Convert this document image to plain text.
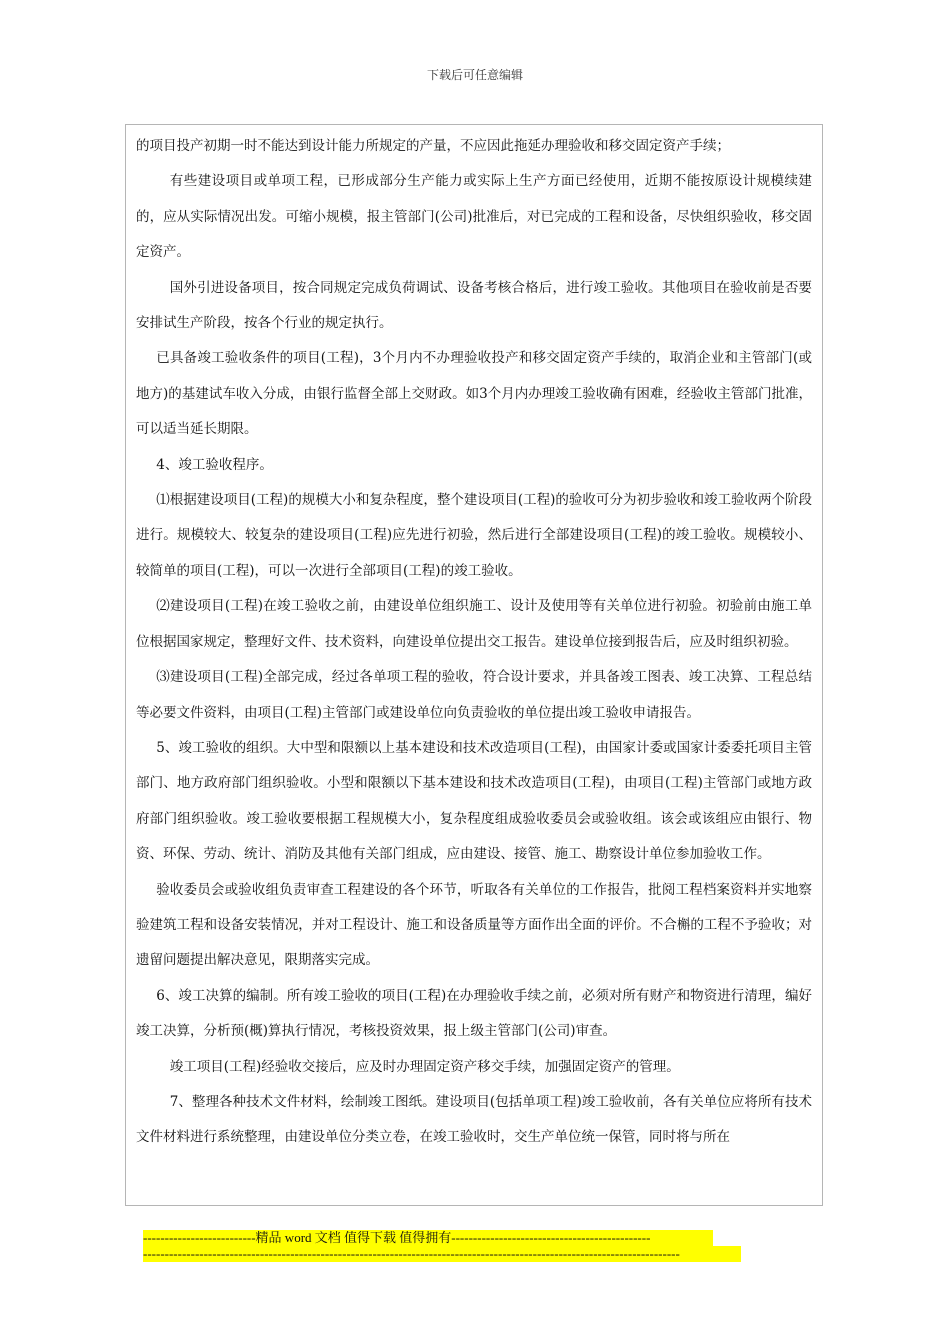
下载后可任意编辑

的项目投产初期一时不能达到设计能力所规定的产量，不应因此拖延办理验收和移交固定资产手续；

有些建设项目或单项工程，已形成部分生产能力或实际上生产方面已经使用，近期不能按原设计规模续建的，应从实际情况出发。可缩小规模，报主管部门(公司)批准后，对已完成的工程和设备，尽快组织验收，移交固定资产。

国外引进设备项目，按合同规定完成负荷调试、设备考核合格后，进行竣工验收。其他项目在验收前是否要安排试生产阶段，按各个行业的规定执行。

已具备竣工验收条件的项目(工程)，3个月内不办理验收投产和移交固定资产手续的，取消企业和主管部门(或地方)的基建试车收入分成，由银行监督全部上交财政。如3个月内办理竣工验收确有困难，经验收主管部门批准，可以适当延长期限。

4、竣工验收程序。

⑴根据建设项目(工程)的规模大小和复杂程度，整个建设项目(工程)的验收可分为初步验收和竣工验收两个阶段进行。规模较大、较复杂的建设项目(工程)应先进行初验，然后进行全部建设项目(工程)的竣工验收。规模较小、较简单的项目(工程)，可以一次进行全部项目(工程)的竣工验收。

⑵建设项目(工程)在竣工验收之前，由建设单位组织施工、设计及使用等有关单位进行初验。初验前由施工单位根据国家规定，整理好文件、技术资料，向建设单位提出交工报告。建设单位接到报告后，应及时组织初验。

⑶建设项目(工程)全部完成，经过各单项工程的验收，符合设计要求，并具备竣工图表、竣工决算、工程总结等必要文件资料，由项目(工程)主管部门或建设单位向负责验收的单位提出竣工验收申请报告。

5、竣工验收的组织。大中型和限额以上基本建设和技术改造项目(工程)，由国家计委或国家计委委托项目主管部门、地方政府部门组织验收。小型和限额以下基本建设和技术改造项目(工程)，由项目(工程)主管部门或地方政府部门组织验收。竣工验收要根据工程规模大小，复杂程度组成验收委员会或验收组。该会或该组应由银行、物资、环保、劳动、统计、消防及其他有关部门组成，应由建设、接管、施工、勘察设计单位参加验收工作。

验收委员会或验收组负责审查工程建设的各个环节，听取各有关单位的工作报告，批阅工程档案资料并实地察验建筑工程和设备安装情况，并对工程设计、施工和设备质量等方面作出全面的评价。不合槲的工程不予验收；对遗留问题提出解决意见，限期落实完成。

6、竣工决算的编制。所有竣工验收的项目(工程)在办理验收手续之前，必须对所有财产和物资进行清理，编好竣工决算，分析预(概)算执行情况，考核投资效果，报上级主管部门(公司)审查。

竣工项目(工程)经验收交接后，应及时办理固定资产移交手续，加强固定资产的管理。

7、整理各种技术文件材料，绘制竣工图纸。建设项目(包括单项工程)竣工验收前，各有关单位应将所有技术文件材料进行系统整理，由建设单位分类立卷，在竣工验收时，交生产单位统一保管，同时将与所在

--------------------------精品 word 文档 值得下载 值得拥有----------------------------------------------
----------------------------------------------------------------------------------------------------------------------------
